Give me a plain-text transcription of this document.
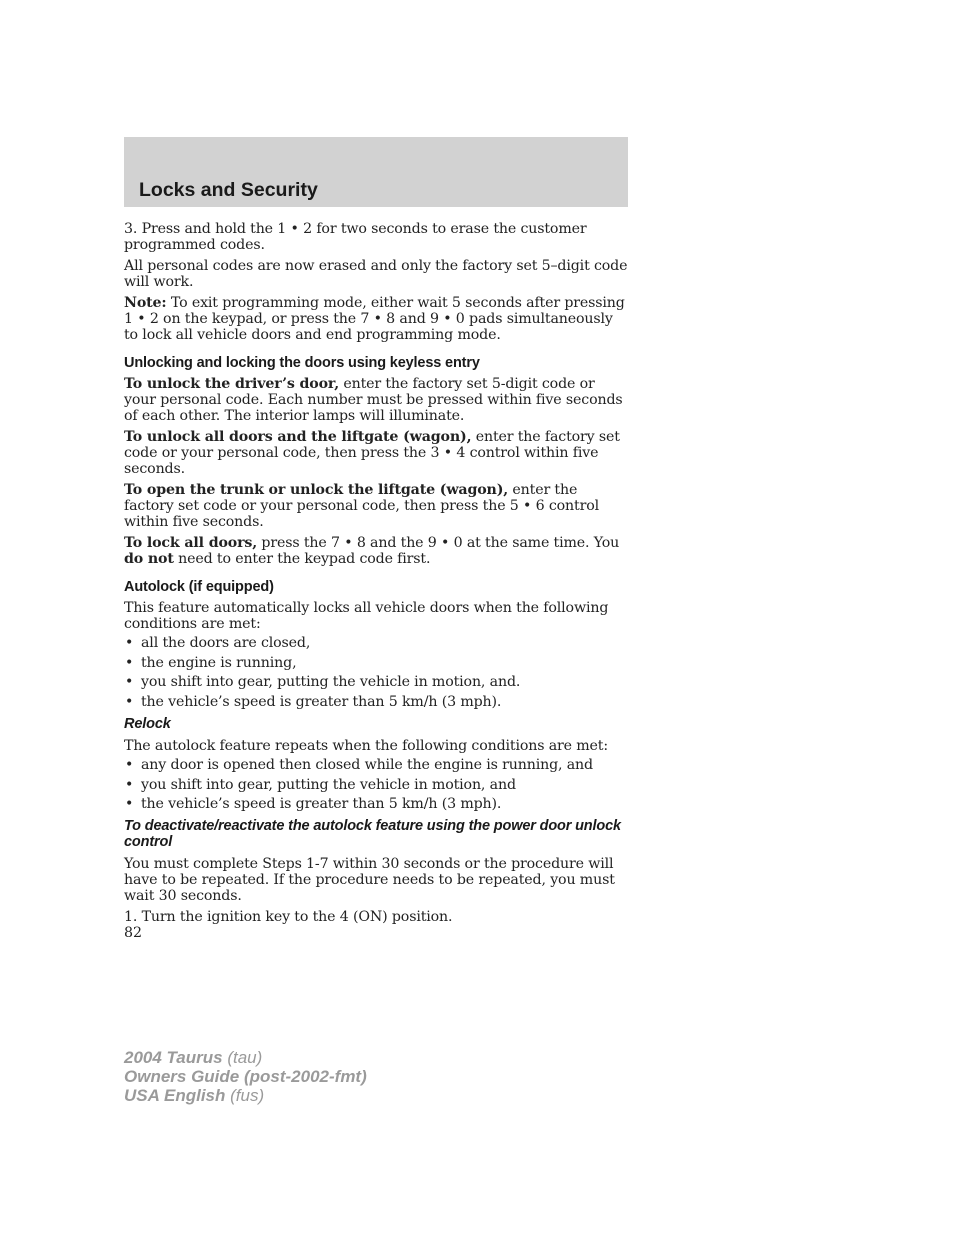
Locks and Security

3. Press and hold the 1 • 2 for two seconds to erase the customer programmed codes.

All personal codes are now erased and only the factory set 5–digit code will work.

Note: To exit programming mode, either wait 5 seconds after pressing 1 • 2 on the keypad, or press the 7 • 8 and 9 • 0 pads simultaneously to lock all vehicle doors and end programming mode.

Unlocking and locking the doors using keyless entry

To unlock the driver’s door, enter the factory set 5-digit code or your personal code. Each number must be pressed within five seconds of each other. The interior lamps will illuminate.

To unlock all doors and the liftgate (wagon), enter the factory set code or your personal code, then press the 3 • 4 control within five seconds.

To open the trunk or unlock the liftgate (wagon), enter the factory set code or your personal code, then press the 5 • 6 control within five seconds.

To lock all doors, press the 7 • 8 and the 9 • 0 at the same time. You do not need to enter the keypad code first.

Autolock (if equipped)

This feature automatically locks all vehicle doors when the following conditions are met:

• all the doors are closed,
• the engine is running,
• you shift into gear, putting the vehicle in motion, and.
• the vehicle’s speed is greater than 5 km/h (3 mph).
Relock

The autolock feature repeats when the following conditions are met:

• any door is opened then closed while the engine is running, and
• you shift into gear, putting the vehicle in motion, and
• the vehicle’s speed is greater than 5 km/h (3 mph).
To deactivate/reactivate the autolock feature using the power door unlock control

You must complete Steps 1-7 within 30 seconds or the procedure will have to be repeated. If the procedure needs to be repeated, you must wait 30 seconds.

1. Turn the ignition key to the 4 (ON) position.

82
2004 Taurus (tau)
Owners Guide (post-2002-fmt)
USA English (fus)
